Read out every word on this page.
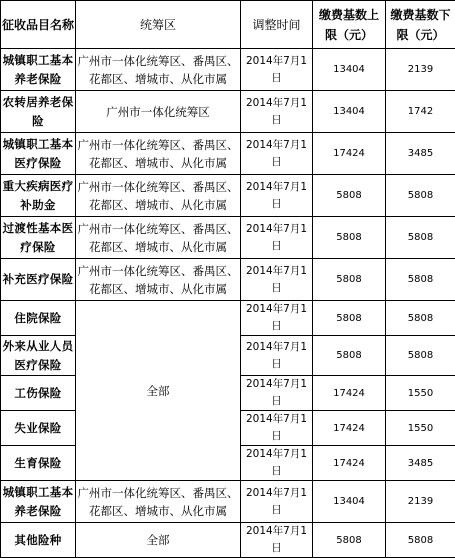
征收品目名称	统筹区	调整时间	缴费基数上限（元）	缴费基数下限（元）
城镇职工基本养老保险	广州市一体化统筹区、番禺区、花都区、增城市、从化市属	2014年7月1日	13404	2139
农转居养老保险	广州市一体化统筹区	2014年7月1日	13404	1742
城镇职工基本医疗保险	广州市一体化统筹区、番禺区、花都区、增城市、从化市属	2014年7月1日	17424	3485
重大疾病医疗补助金	广州市一体化统筹区、番禺区、花都区、增城市、从化市属	2014年7月1日	5808	5808
过渡性基本医疗保险	广州市一体化统筹区、番禺区、花都区、增城市、从化市属	2014年7月1日	5808	5808
补充医疗保险	广州市一体化统筹区、番禺区、花都区、增城市、从化市属	2014年7月1日	5808	5808
住院保险	全部	2014年7月1日	5808	5808
外来从业人员医疗保险		2014年7月1日	5808	5808
工伤保险		2014年7月1日	17424	1550
失业保险		2014年7月1日	17424	1550
生育保险		2014年7月1日	17424	3485
城镇职工基本养老保险	广州市一体化统筹区、番禺区、花都区、增城市、从化市属	2014年7月1日	13404	2139
其他险种	全部	2014年7月1日	5808	5808
